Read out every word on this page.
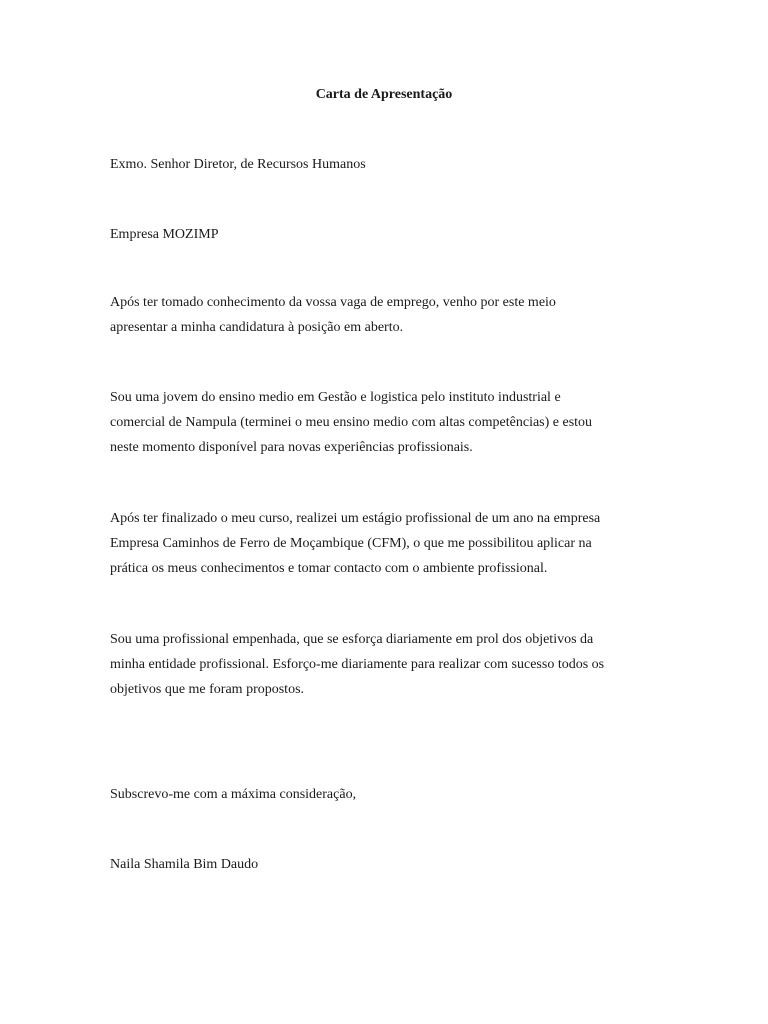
Carta de Apresentação
Exmo. Senhor Diretor, de Recursos Humanos
Empresa MOZIMP
Após ter tomado conhecimento da vossa vaga de emprego, venho por este meio
apresentar a minha candidatura à posição em aberto.
Sou uma jovem do ensino medio em Gestão e logistica pelo instituto industrial e
comercial de Nampula (terminei o meu ensino medio com altas competências) e estou
neste momento disponível para novas experiências profissionais.
Após ter finalizado o meu curso, realizei um estágio profissional de um ano na empresa
Empresa Caminhos de Ferro de Moçambique (CFM), o que me possibilitou aplicar na
prática os meus conhecimentos e tomar contacto com o ambiente profissional.
Sou uma profissional empenhada, que se esforça diariamente em prol dos objetivos da
minha entidade profissional. Esforço-me diariamente para realizar com sucesso todos os
objetivos que me foram propostos.
Subscrevo-me com a máxima consideração,
Naila Shamila Bim Daudo
